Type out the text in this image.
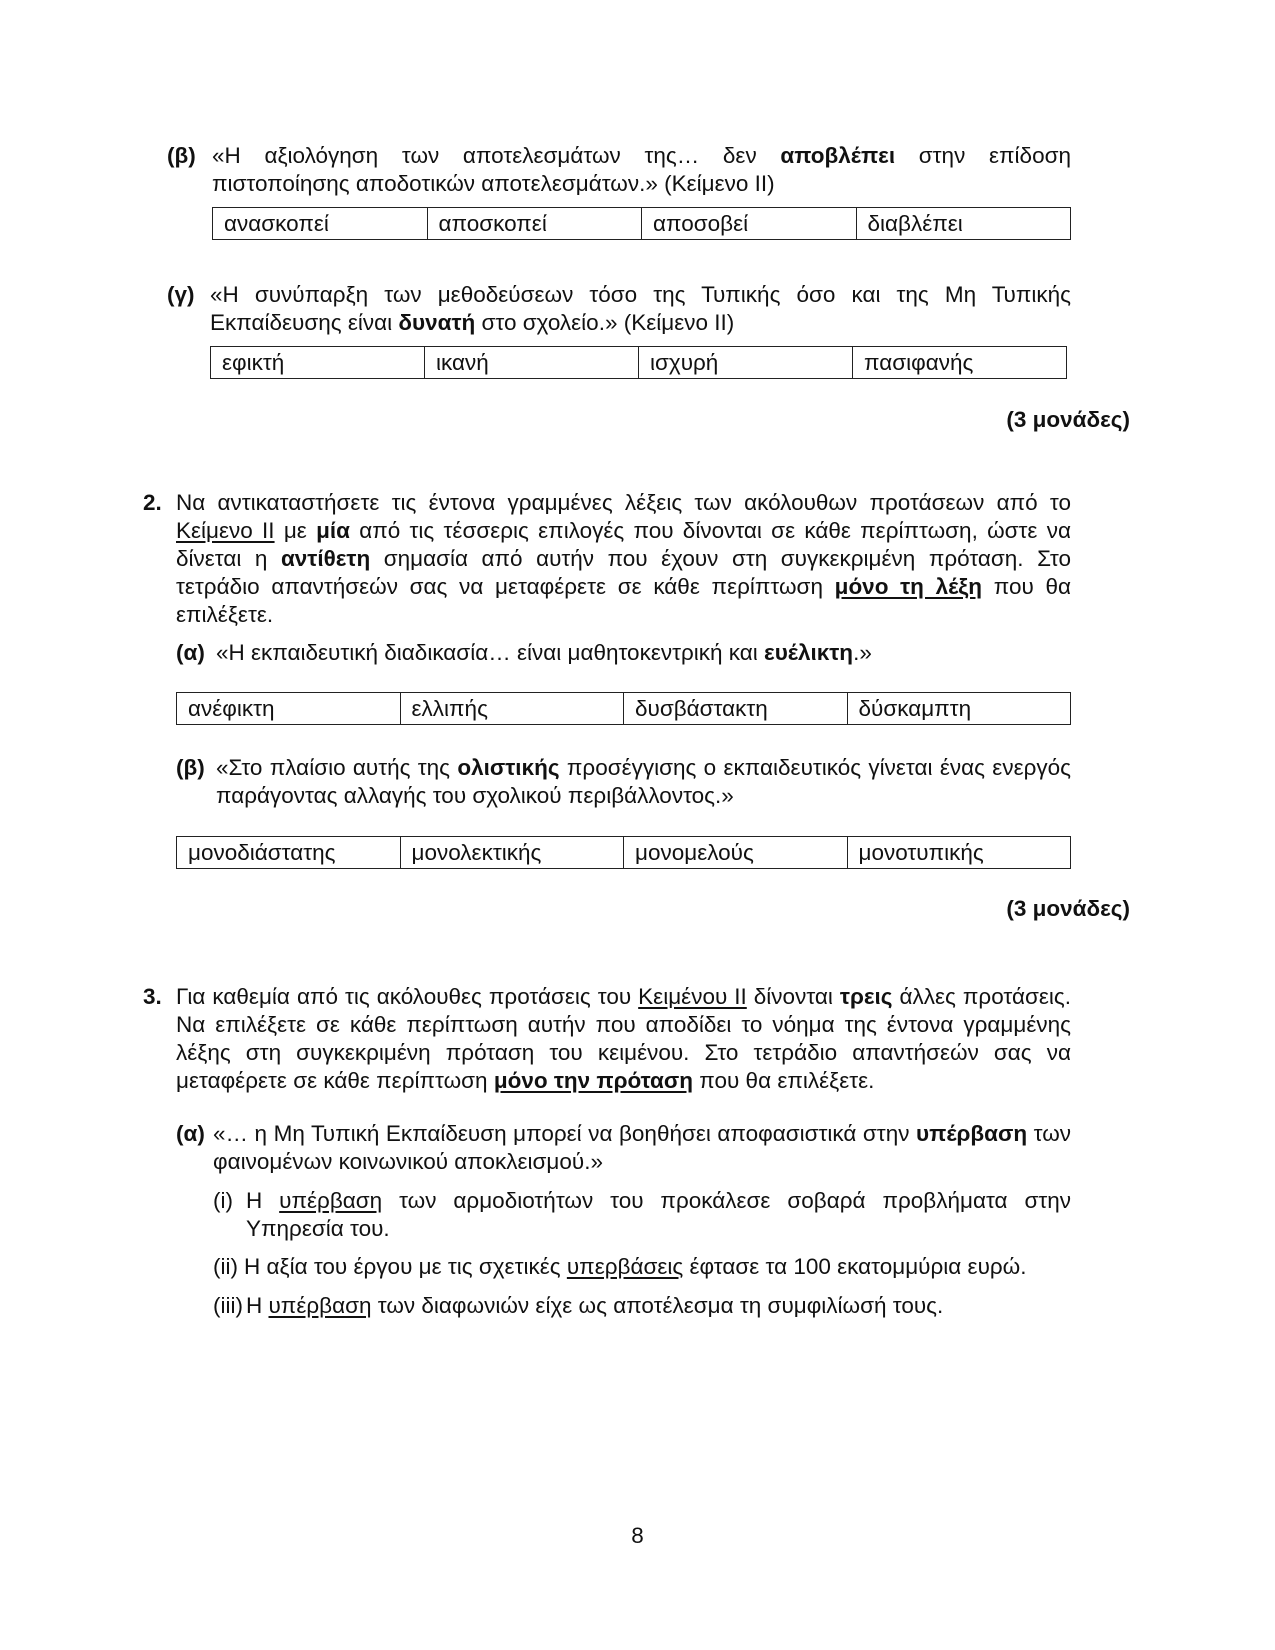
(β) «Η αξιολόγηση των αποτελεσμάτων της… δεν αποβλέπει στην επίδοση πιστοποίησης αποδοτικών αποτελεσμάτων.» (Κείμενο ΙΙ)
ανασκοπεί	αποσκοπεί	αποσοβεί	διαβλέπει
(γ) «Η συνύπαρξη των μεθοδεύσεων τόσο της Τυπικής όσο και της Μη Τυπικής Εκπαίδευσης είναι δυνατή στο σχολείο.» (Κείμενο ΙΙ)
εφικτή	ικανή	ισχυρή	πασιφανής
(3 μονάδες)
2. Να αντικαταστήσετε τις έντονα γραμμένες λέξεις των ακόλουθων προτάσεων από το Κείμενο ΙΙ με μία από τις τέσσερις επιλογές που δίνονται σε κάθε περίπτωση, ώστε να δίνεται η αντίθετη σημασία από αυτήν που έχουν στη συγκεκριμένη πρόταση. Στο τετράδιο απαντήσεών σας να μεταφέρετε σε κάθε περίπτωση μόνο τη λέξη που θα επιλέξετε.
(α) «Η εκπαιδευτική διαδικασία… είναι μαθητοκεντρική και ευέλικτη.»
ανέφικτη	ελλιπής	δυσβάστακτη	δύσκαμπτη
(β) «Στο πλαίσιο αυτής της ολιστικής προσέγγισης ο εκπαιδευτικός γίνεται ένας ενεργός παράγοντας αλλαγής του σχολικού περιβάλλοντος.»
μονοδιάστατης	μονολεκτικής	μονομελούς	μονοτυπικής
(3 μονάδες)
3. Για καθεμία από τις ακόλουθες προτάσεις του Κειμένου ΙΙ δίνονται τρεις άλλες προτάσεις. Να επιλέξετε σε κάθε περίπτωση αυτήν που αποδίδει το νόημα της έντονα γραμμένης λέξης στη συγκεκριμένη πρόταση του κειμένου. Στο τετράδιο απαντήσεών σας να μεταφέρετε σε κάθε περίπτωση μόνο την πρόταση που θα επιλέξετε.
(α) «… η Μη Τυπική Εκπαίδευση μπορεί να βοηθήσει αποφασιστικά στην υπέρβαση των φαινομένων κοινωνικού αποκλεισμού.»
(i) Η υπέρβαση των αρμοδιοτήτων του προκάλεσε σοβαρά προβλήματα στην Υπηρεσία του.
(ii) Η αξία του έργου με τις σχετικές υπερβάσεις έφτασε τα 100 εκατομμύρια ευρώ.
(iii) Η υπέρβαση των διαφωνιών είχε ως αποτέλεσμα τη συμφιλίωσή τους.
8
